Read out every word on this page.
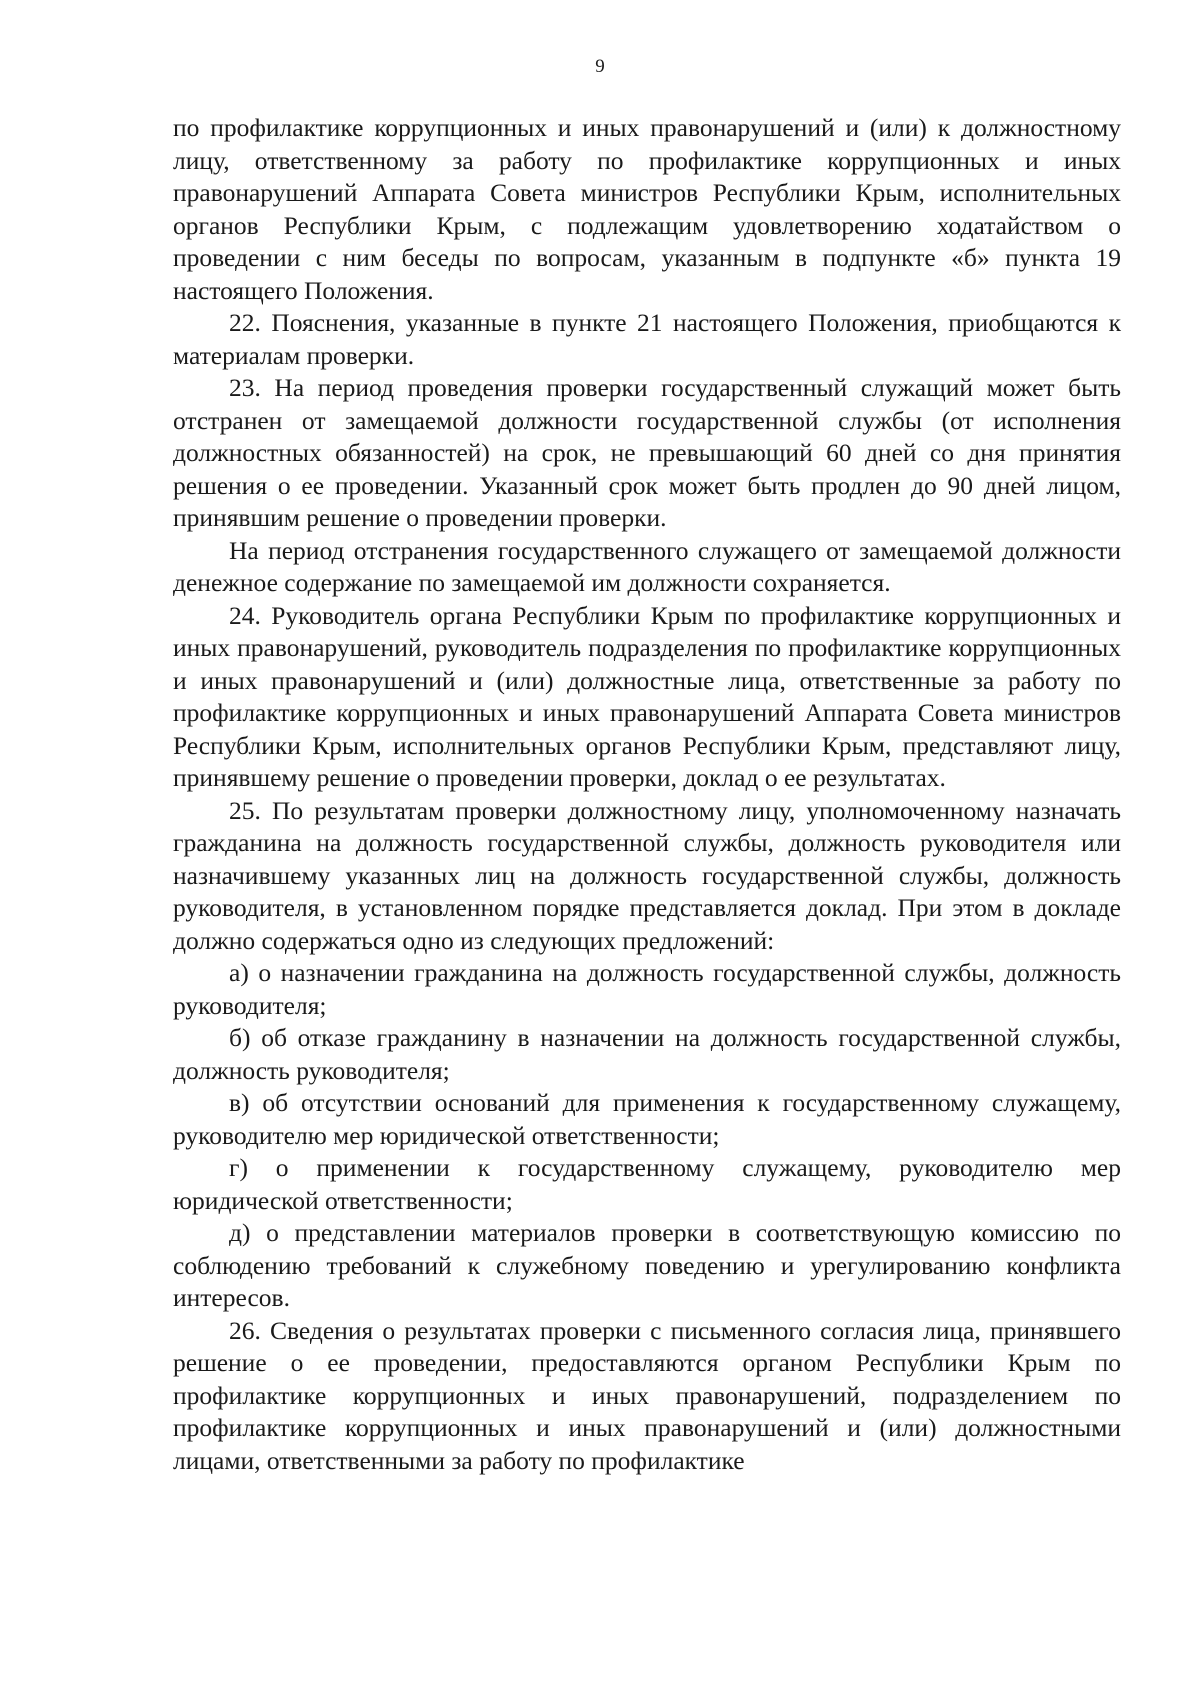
9

по профилактике коррупционных и иных правонарушений и (или) к должностному лицу, ответственному за работу по профилактике коррупционных и иных правонарушений Аппарата Совета министров Республики Крым, исполнительных органов Республики Крым, с подлежащим удовлетворению ходатайством о проведении с ним беседы по вопросам, указанным в подпункте «б» пункта 19 настоящего Положения.

22. Пояснения, указанные в пункте 21 настоящего Положения, приобщаются к материалам проверки.

23. На период проведения проверки государственный служащий может быть отстранен от замещаемой должности государственной службы (от исполнения должностных обязанностей) на срок, не превышающий 60 дней со дня принятия решения о ее проведении. Указанный срок может быть продлен до 90 дней лицом, принявшим решение о проведении проверки.

На период отстранения государственного служащего от замещаемой должности денежное содержание по замещаемой им должности сохраняется.

24. Руководитель органа Республики Крым по профилактике коррупционных и иных правонарушений, руководитель подразделения по профилактике коррупционных и иных правонарушений и (или) должностные лица, ответственные за работу по профилактике коррупционных и иных правонарушений Аппарата Совета министров Республики Крым, исполнительных органов Республики Крым, представляют лицу, принявшему решение о проведении проверки, доклад о ее результатах.

25. По результатам проверки должностному лицу, уполномоченному назначать гражданина на должность государственной службы, должность руководителя или назначившему указанных лиц на должность государственной службы, должность руководителя, в установленном порядке представляется доклад. При этом в докладе должно содержаться одно из следующих предложений:

а) о назначении гражданина на должность государственной службы, должность руководителя;

б) об отказе гражданину в назначении на должность государственной службы, должность руководителя;

в) об отсутствии оснований для применения к государственному служащему, руководителю мер юридической ответственности;

г) о применении к государственному служащему, руководителю мер юридической ответственности;

д) о представлении материалов проверки в соответствующую комиссию по соблюдению требований к служебному поведению и урегулированию конфликта интересов.

26. Сведения о результатах проверки с письменного согласия лица, принявшего решение о ее проведении, предоставляются органом Республики Крым по профилактике коррупционных и иных правонарушений, подразделением по профилактике коррупционных и иных правонарушений и (или) должностными лицами, ответственными за работу по профилактике
